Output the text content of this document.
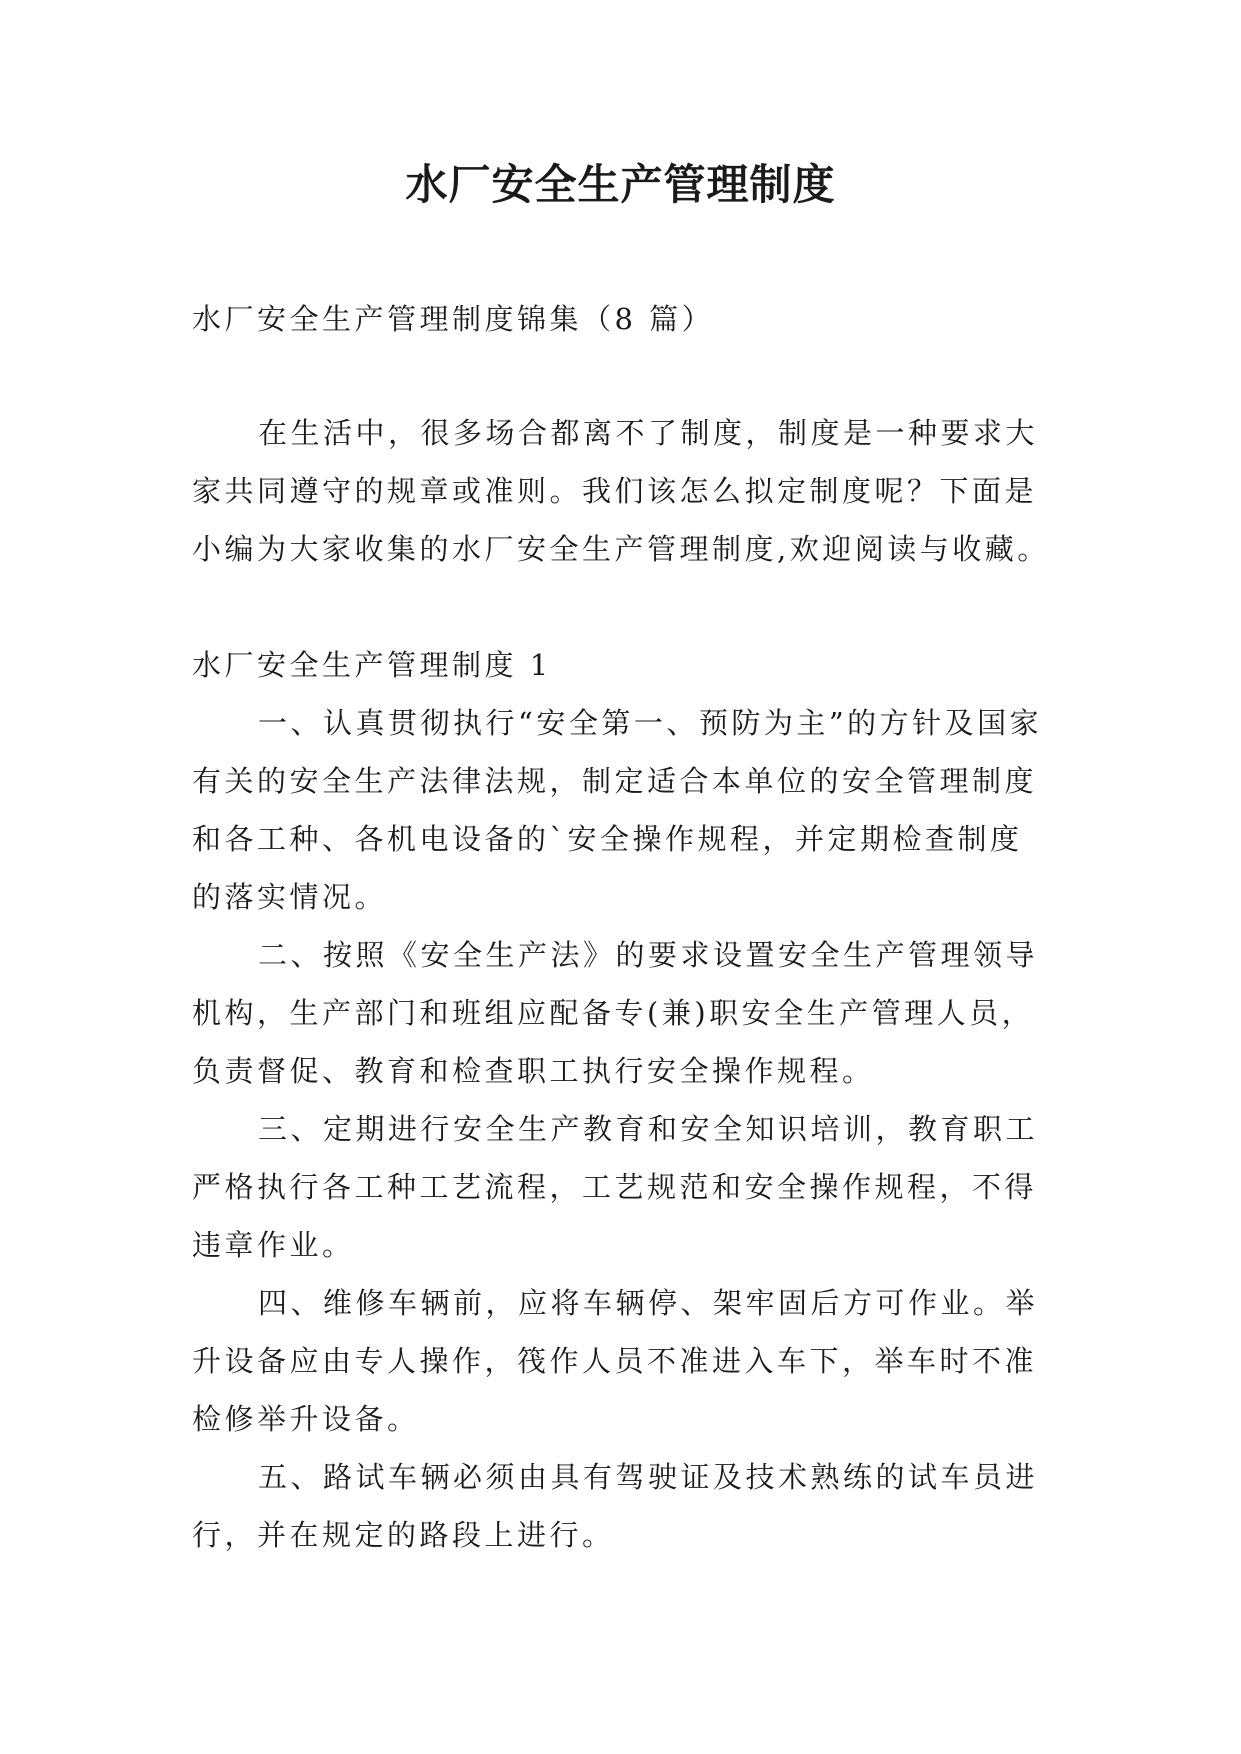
水厂安全生产管理制度
水厂安全生产管理制度锦集（8 篇）

在生活中，很多场合都离不了制度，制度是一种要求大家共同遵守的规章或准则。我们该怎么拟定制度呢？下面是小编为大家收集的水厂安全生产管理制度,欢迎阅读与收藏。

水厂安全生产管理制度 1

一、认真贯彻执行“安全第一、预防为主”的方针及国家有关的安全生产法律法规，制定适合本单位的安全管理制度和各工种、各机电设备的`安全操作规程，并定期检查制度的落实情况。

二、按照《安全生产法》的要求设置安全生产管理领导机构，生产部门和班组应配备专(兼)职安全生产管理人员，负责督促、教育和检查职工执行安全操作规程。

三、定期进行安全生产教育和安全知识培训，教育职工严格执行各工种工艺流程，工艺规范和安全操作规程，不得违章作业。

四、维修车辆前，应将车辆停、架牢固后方可作业。举升设备应由专人操作，筏作人员不准进入车下，举车时不准检修举升设备。

五、路试车辆必须由具有驾驶证及技术熟练的试车员进行，并在规定的路段上进行。
